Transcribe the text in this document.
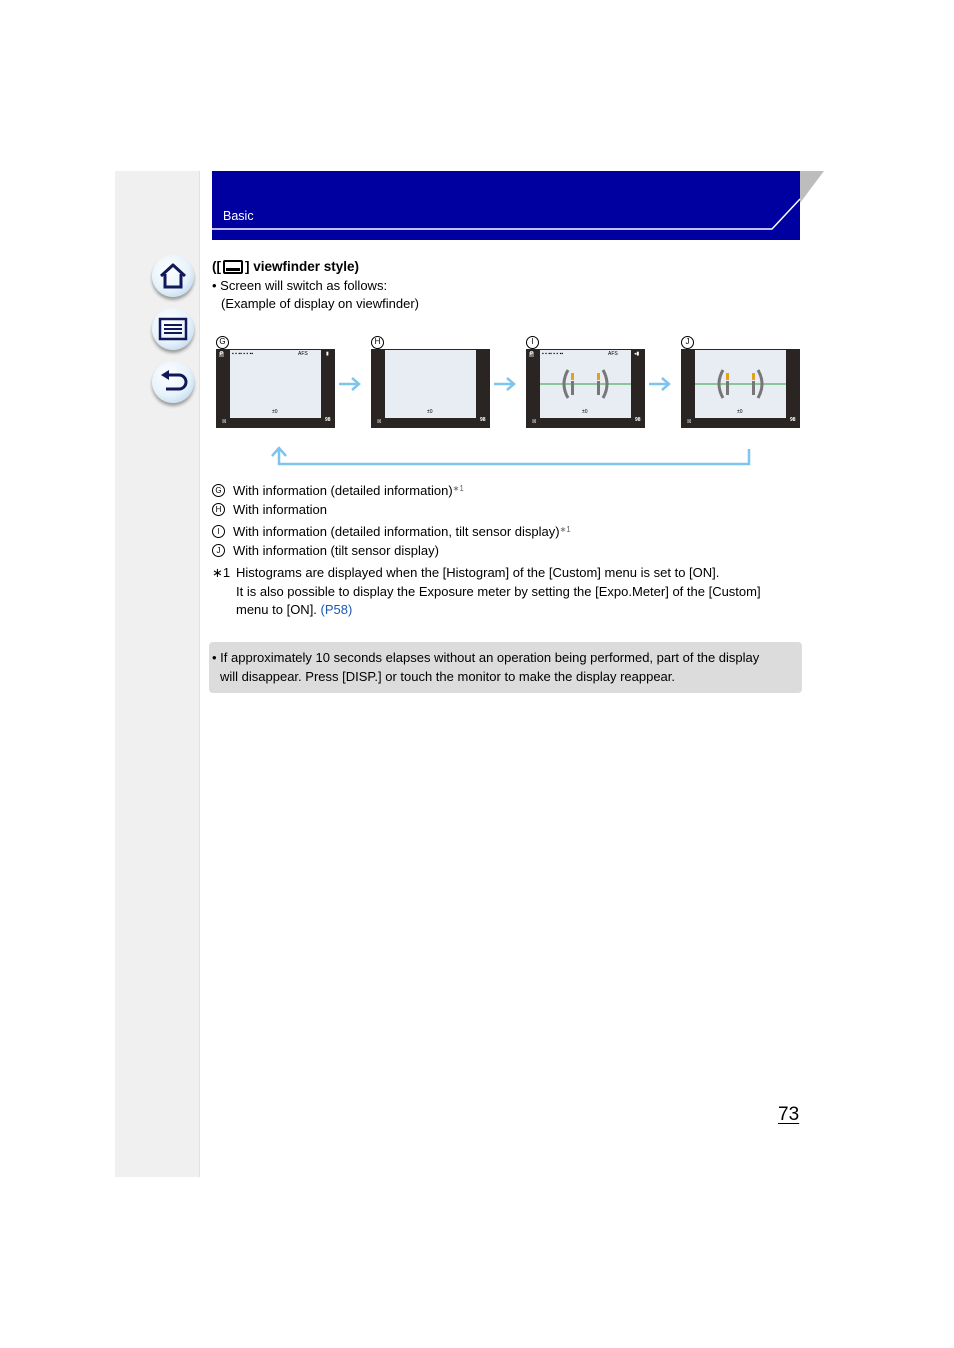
Basic
([ ] viewfinder style)
• Screen will switch as follows:
(Example of display on viewfinder)
G	H	I	J
P ▪ ▪ ▪▪ ▪ ▪ ▪▪	AFS
±0
☒	98
▮
±0
☒	98
P ▪ ▪ ▪▪ ▪ ▪ ▪▪	AFS
±0
☒	98
◂▮
±0
☒	98
G With information (detailed information)$^{∗1}$
H With information
I	With information (detailed information, tilt sensor display)$^{∗1}$
J With information (tilt sensor display)
∗1 Histograms are displayed when the [Histogram] of the [Custom] menu is set to [ON].
It is also possible to display the Exposure meter by setting the [Expo.Meter] of the [Custom]
menu to [ON]. (P58)
• If approximately 10 seconds elapses without an operation being performed, part of the display
will disappear. Press [DISP.] or touch the monitor to make the display reappear.
73
